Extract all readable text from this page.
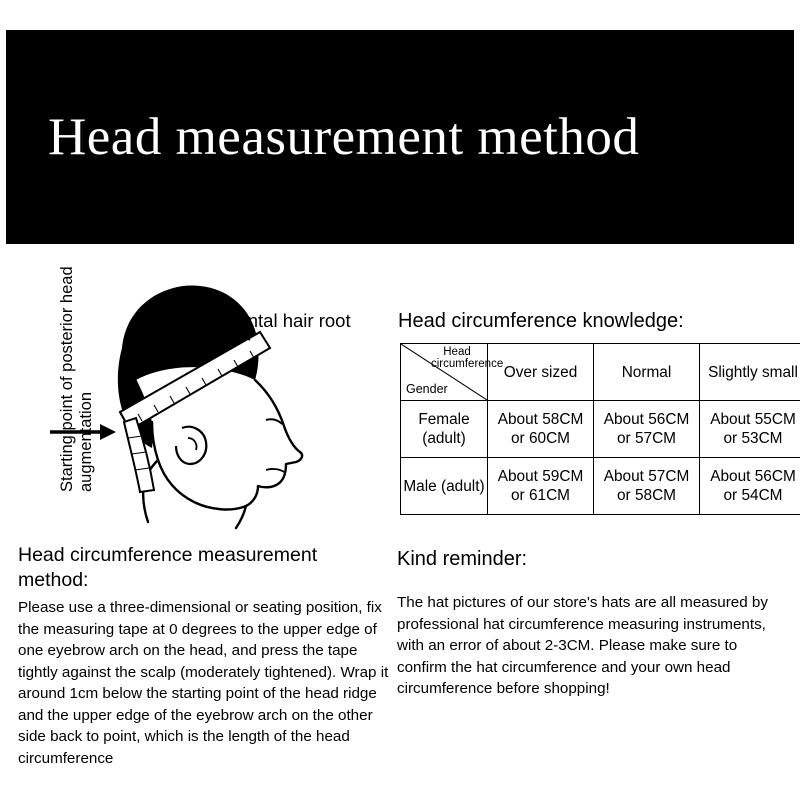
Head measurement method
Starting point of posterior head augmentation
Frontal hair root
Head circumference measurement method:

Please use a three-dimensional or seating position, fix the measuring tape at 0 degrees to the upper edge of one eyebrow arch on the head, and press the tape tightly against the scalp (moderately tightened). Wrap it around 1cm below the starting point of the head ridge and the upper edge of the eyebrow arch on the other side back to point, which is the length of the head circumference

Head circumference knowledge:
Head circumference
Gender	Over sized	Normal	Slightly small
Female (adult)	About 58CM or 60CM	About 56CM or 57CM	About 55CM or 53CM
Male (adult)	About 59CM or 61CM	About 57CM or 58CM	About 56CM or 54CM
Kind reminder:
The hat pictures of our store's hats are all measured by professional hat circumference measuring instruments, with an error of about 2-3CM. Please make sure to confirm the hat circumference and your own head circumference before shopping!
